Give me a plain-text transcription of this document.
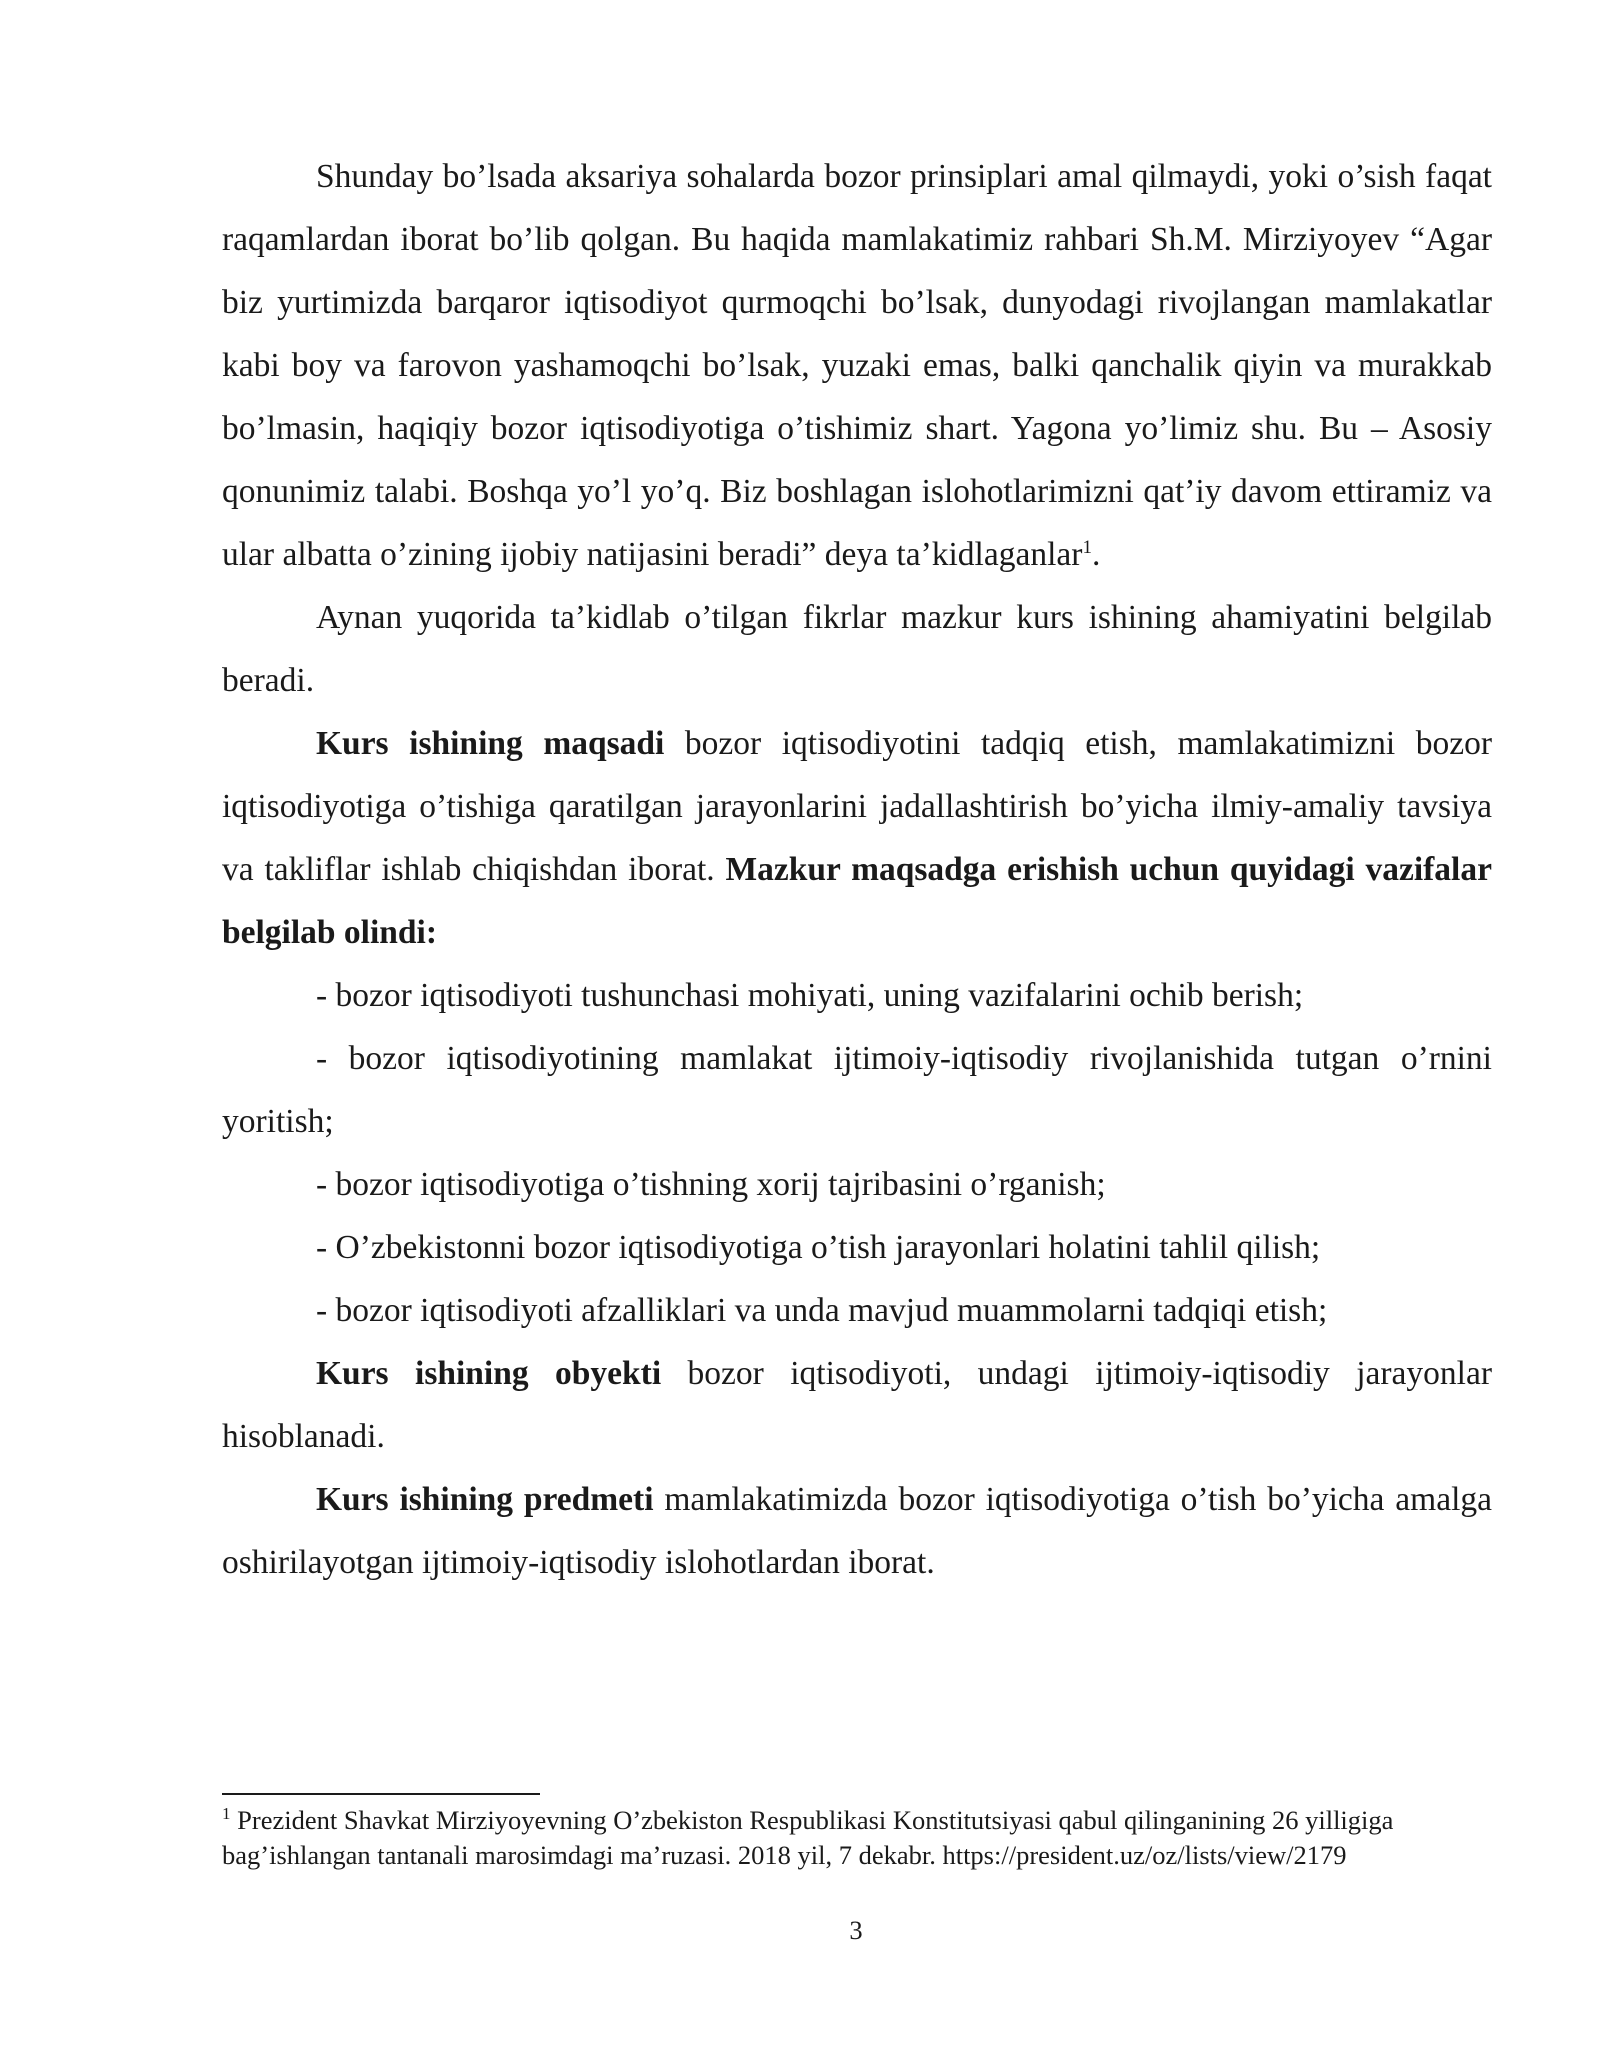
Shunday bo’lsada aksariya sohalarda bozor prinsiplari amal qilmaydi, yoki o’sish faqat raqamlardan iborat bo’lib qolgan. Bu haqida mamlakatimiz rahbari Sh.M. Mirziyoyev “Agar biz yurtimizda barqaror iqtisodiyot qurmoqchi bo’lsak, dunyodagi rivojlangan mamlakatlar kabi boy va farovon yashamoqchi bo’lsak, yuzaki emas, balki qanchalik qiyin va murakkab bo’lmasin, haqiqiy bozor iqtisodiyotiga o’tishimiz shart. Yagona yo’limiz shu. Bu – Asosiy qonunimiz talabi. Boshqa yo’l yo’q. Biz boshlagan islohotlarimizni qat’iy davom ettiramiz va ular albatta o’zining ijobiy natijasini beradi” deya ta’kidlaganlar$^1$.

Aynan yuqorida ta’kidlab o’tilgan fikrlar mazkur kurs ishining ahamiyatini belgilab beradi.

Kurs ishining maqsadi bozor iqtisodiyotini tadqiq etish, mamlakatimizni bozor iqtisodiyotiga o’tishiga qaratilgan jarayonlarini jadallashtirish bo’yicha ilmiy-amaliy tavsiya va takliflar ishlab chiqishdan iborat. Mazkur maqsadga erishish uchun quyidagi vazifalar belgilab olindi:

- bozor iqtisodiyoti tushunchasi mohiyati, uning vazifalarini ochib berish;

- bozor iqtisodiyotining mamlakat ijtimoiy-iqtisodiy rivojlanishida tutgan o’rnini yoritish;

- bozor iqtisodiyotiga o’tishning xorij tajribasini o’rganish;

- O’zbekistonni bozor iqtisodiyotiga o’tish jarayonlari holatini tahlil qilish;

- bozor iqtisodiyoti afzalliklari va unda mavjud muammolarni tadqiqi etish;

Kurs ishining obyekti bozor iqtisodiyoti, undagi ijtimoiy-iqtisodiy jarayonlar hisoblanadi.

Kurs ishining predmeti mamlakatimizda bozor iqtisodiyotiga o’tish bo’yicha amalga oshirilayotgan ijtimoiy-iqtisodiy islohotlardan iborat.

$^1$ Prezident Shavkat Mirziyoyevning O’zbekiston Respublikasi Konstitutsiyasi qabul qilinganining 26 yilligiga bag’ishlangan tantanali marosimdagi ma’ruzasi. 2018 yil, 7 dekabr. https://president.uz/oz/lists/view/2179

3
